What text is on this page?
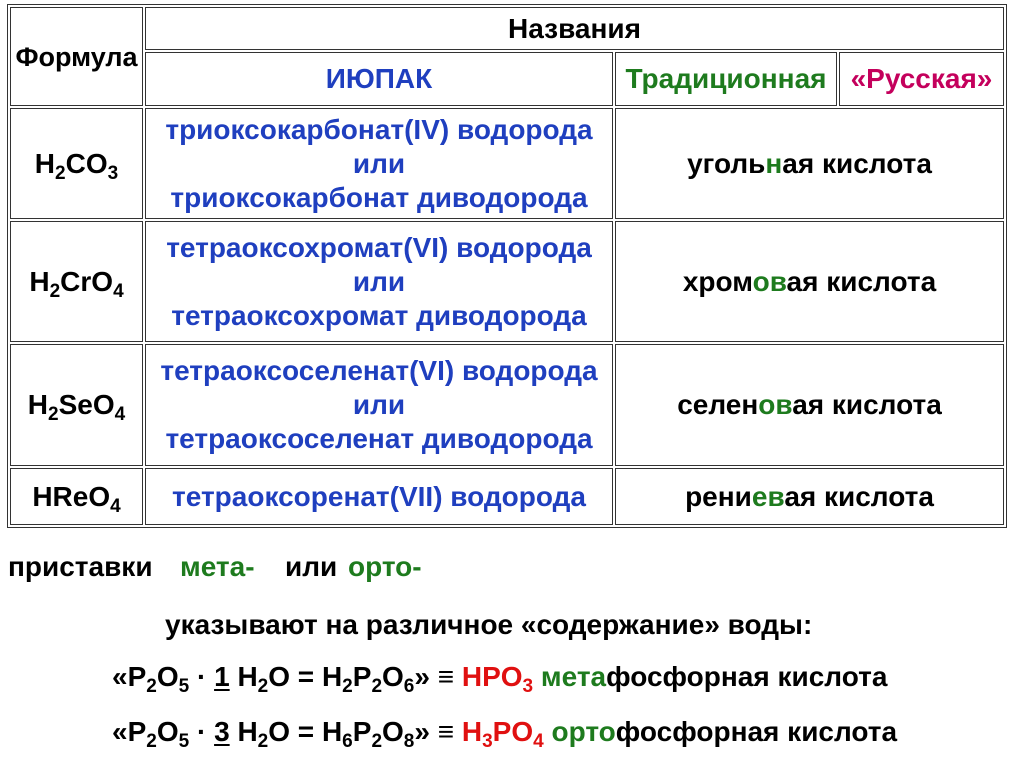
Формула
Названия
ИЮПАК	Традиционная «Русская»
$H_2CO_3$
триоксокарбонат(IV) водорода
или
триоксокарбонат диводорода
угольная кислота
$H_2CrO_4$
тетраоксохромат(VI) водорода
или
тетраоксохромат диводорода
хромовая кислота
$H_2SeO_4$
тетраоксоселенат(VI) водорода
или
тетраоксоселенат диводорода
селеновая кислота
HReO$_4$ тетраоксоренат(VII) водорода	рениевая кислота
приставки мета- или орто-
указывают на различное «содержание» воды:
«$P_2O_5 \cdot 1$ $H_2O = H_2P_2O_6$» ≡ $HPO_3$ метафосфорная кислота
«$P_2O_5 \cdot 3$ $H_2O = H_6P_2O_8$» ≡ $H_3PO_4$ ортофосфорная кислота
